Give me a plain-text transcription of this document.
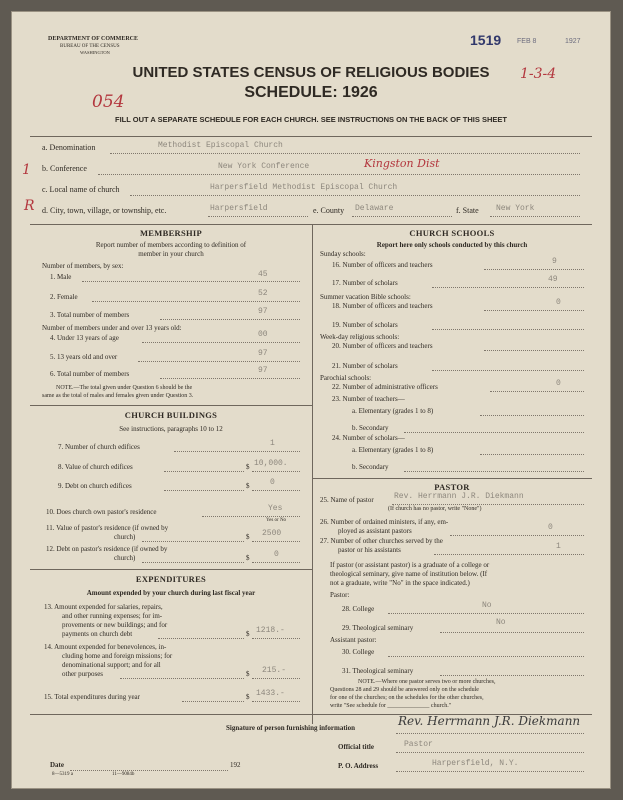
DEPARTMENT OF COMMERCE
BUREAU OF THE CENSUS
WASHINGTON
1519 FEB 8	1927
1-3-4
054
UNITED STATES CENSUS OF RELIGIOUS BODIES
SCHEDULE: 1926
FILL OUT A SEPARATE SCHEDULE FOR EACH CHURCH. SEE INSTRUCTIONS ON THE BACK OF THIS SHEET
a. Denomination	Methodist Episcopal Church
b. Conference	New York Conference	Kingston Dist
c. Local name of church	Harpersfield Methodist Episcopal Church
d. City, town, village, or township, etc.	Harpersfield	e. County Delaware	f. State New York
1
R
MEMBERSHIP
Report number of members according to definition of
member in your church
Number of members, by sex:
1. Male	45
2. Female	52
3. Total number of members	97
Number of members under and over 13 years old:
4. Under 13 years of age	00
5. 13 years old and over	97
6. Total number of members	97
NOTE.—The total given under Question 6 should be the
same as the total of males and females given under Question 3.
CHURCH BUILDINGS
See instructions, paragraphs 10 to 12
7. Number of church edifices	1
8. Value of church edifices	$ 10,000.
9. Debt on church edifices	$	0
10. Does church own pastor's residence	Yes
Yes or No
11. Value of pastor's residence (if owned by
church)	$ 2500
12. Debt on pastor's residence (if owned by
church)	$	0
EXPENDITURES
Amount expended by your church during last fiscal year
13. Amount expended for salaries, repairs,
and other running expenses; for im-
provements or new buildings; and for
payments on church debt	$ 1218.-
14. Amount expended for benevolences, in-
cluding home and foreign missions; for
denominational support; and for all
other purposes	$ 215.-
15. Total expenditures during year	$ 1433.-
CHURCH SCHOOLS
Report here only schools conducted by this church
Sunday schools:
16. Number of officers and teachers	9
17. Number of scholars	49
Summer vacation Bible schools:
18. Number of officers and teachers	0
19. Number of scholars
Week-day religious schools:
20. Number of officers and teachers
21. Number of scholars
Parochial schools:
22. Number of administrative officers	0
23. Number of teachers—
a. Elementary (grades 1 to 8)
b. Secondary
24. Number of scholars—
a. Elementary (grades 1 to 8)
b. Secondary
PASTOR
25. Name of pastor	Rev. Herrmann J.R. Diekmann
(If church has no pastor, write "None")
26. Number of ordained ministers, if any, em-
ployed as assistant pastors	0
27. Number of other churches served by the
pastor or his assistants	1
If pastor (or assistant pastor) is a graduate of a college or
theological seminary, give name of institution below. (If
not a graduate, write "No" in the space indicated.)
Pastor:
28. College	No
29. Theological seminary
No
Assistant pastor:
30. College
31. Theological seminary
NOTE.—Where one pastor serves two or more churches,
Questions 28 and 29 should be answered only on the schedule
for one of the churches; on the schedules for the other churches,
write "See schedule for ______________ church."
Signature of person furnishing information	Rev. Herrmann J.R. Diekmann
Official title	Pastor
Date	192	P. O. Address	Harpersfield, N.Y.
8—5319 a	11—9084b
